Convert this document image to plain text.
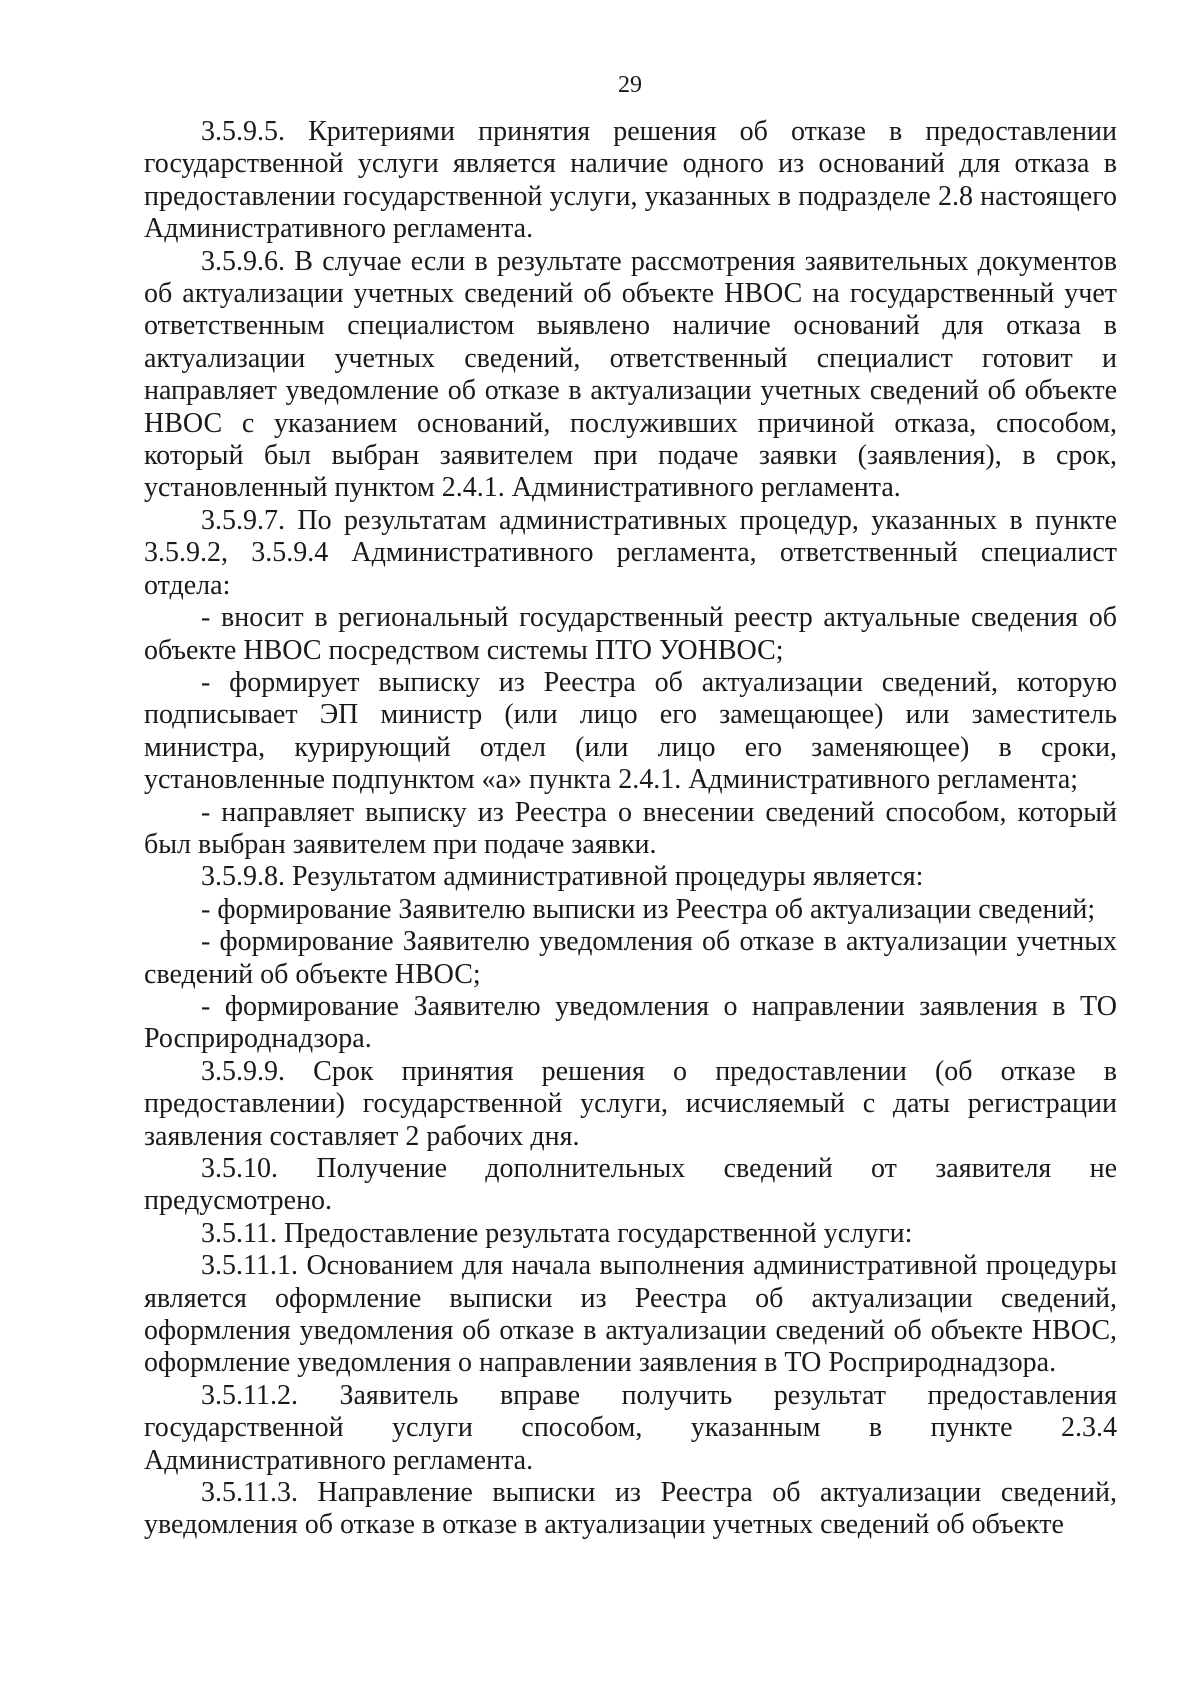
29

3.5.9.5. Критериями принятия решения об отказе в предоставлении государственной услуги является наличие одного из оснований для отказа в предоставлении государственной услуги, указанных в подразделе 2.8 настоящего Административного регламента.

3.5.9.6. В случае если в результате рассмотрения заявительных документов об актуализации учетных сведений об объекте НВОС на государственный учет ответственным специалистом выявлено наличие оснований для отказа в актуализации учетных сведений, ответственный специалист готовит и направляет уведомление об отказе в актуализации учетных сведений об объекте НВОС с указанием оснований, послуживших причиной отказа, способом, который был выбран заявителем при подаче заявки (заявления), в срок, установленный пунктом 2.4.1. Административного регламента.

3.5.9.7. По результатам административных процедур, указанных в пункте 3.5.9.2, 3.5.9.4 Административного регламента, ответственный специалист отдела:

- вносит в региональный государственный реестр актуальные сведения об объекте НВОС посредством системы ПТО УОНВОС;

- формирует выписку из Реестра об актуализации сведений, которую подписывает ЭП министр (или лицо его замещающее) или заместитель министра, курирующий отдел (или лицо его заменяющее) в сроки, установленные подпунктом «а» пункта 2.4.1. Административного регламента;

- направляет выписку из Реестра о внесении сведений способом, который был выбран заявителем при подаче заявки.

3.5.9.8. Результатом административной процедуры является:

- формирование Заявителю выписки из Реестра об актуализации сведений;

- формирование Заявителю уведомления об отказе в актуализации учетных сведений об объекте НВОС;

- формирование Заявителю уведомления о направлении заявления в ТО Росприроднадзора.

3.5.9.9. Срок принятия решения о предоставлении (об отказе в предоставлении) государственной услуги, исчисляемый с даты регистрации заявления составляет 2 рабочих дня.

3.5.10. Получение дополнительных сведений от заявителя не предусмотрено.

3.5.11. Предоставление результата государственной услуги:

3.5.11.1. Основанием для начала выполнения административной процедуры является оформление выписки из Реестра об актуализации сведений, оформления уведомления об отказе в актуализации сведений об объекте НВОС, оформление уведомления о направлении заявления в ТО Росприроднадзора.

3.5.11.2. Заявитель вправе получить результат предоставления государственной услуги способом, указанным в пункте 2.3.4 Административного регламента.

3.5.11.3. Направление выписки из Реестра об актуализации сведений, уведомления об отказе в отказе в актуализации учетных сведений об объекте
